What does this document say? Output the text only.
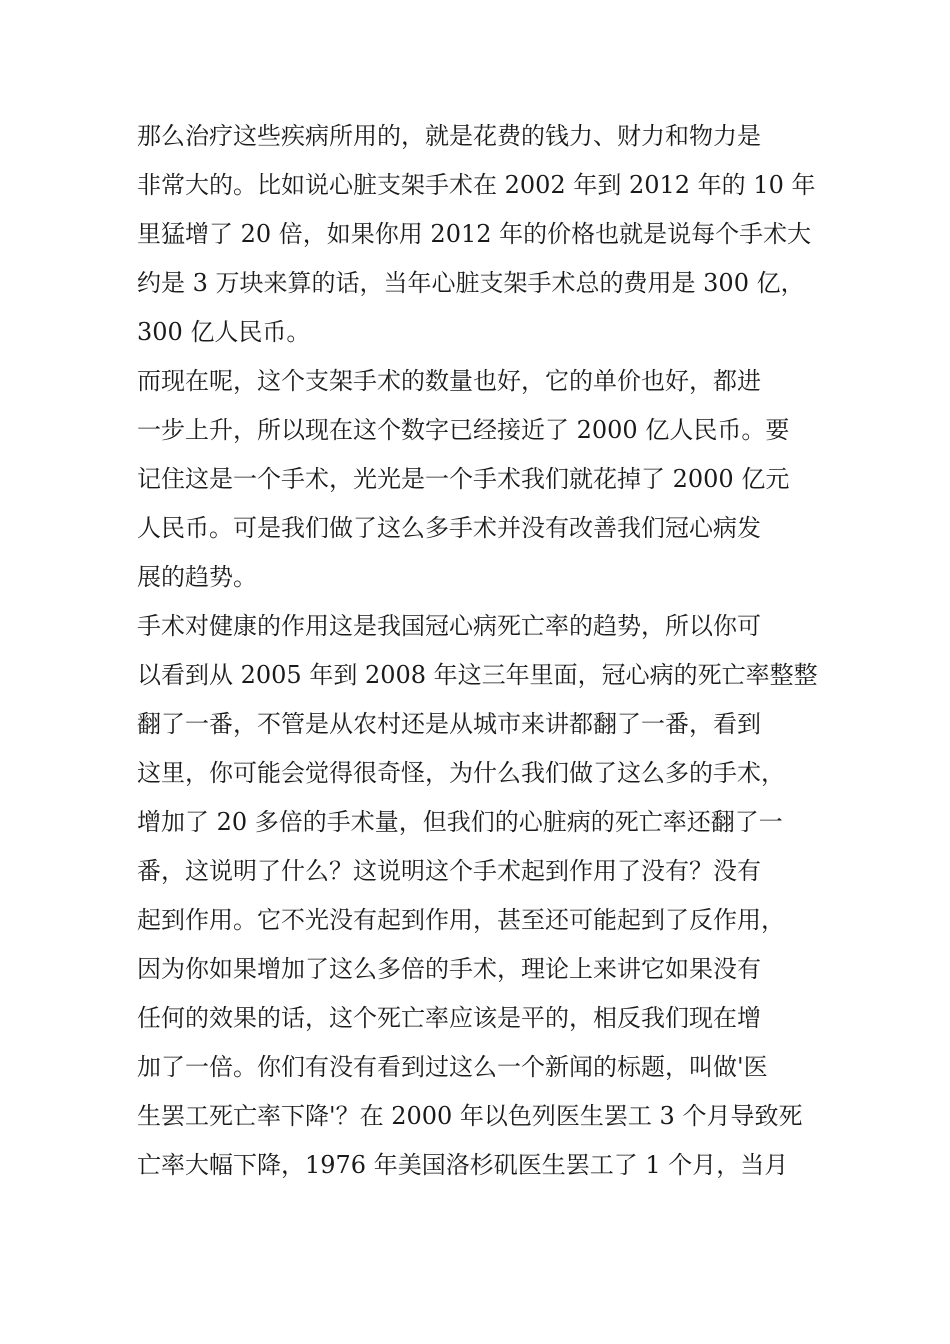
那么治疗这些疾病所用的，就是花费的钱力、财力和物力是
非常大的。比如说心脏支架手术在 2002 年到 2012 年的 10 年
里猛增了 20 倍，如果你用 2012 年的价格也就是说每个手术大
约是 3 万块来算的话，当年心脏支架手术总的费用是 300 亿，
300 亿人民币。
而现在呢，这个支架手术的数量也好，它的单价也好，都进
一步上升，所以现在这个数字已经接近了 2000 亿人民币。要
记住这是一个手术，光光是一个手术我们就花掉了 2000 亿元
人民币。可是我们做了这么多手术并没有改善我们冠心病发
展的趋势。
手术对健康的作用这是我国冠心病死亡率的趋势，所以你可
以看到从 2005 年到 2008 年这三年里面，冠心病的死亡率整整
翻了一番，不管是从农村还是从城市来讲都翻了一番，看到
这里，你可能会觉得很奇怪，为什么我们做了这么多的手术，
增加了 20 多倍的手术量，但我们的心脏病的死亡率还翻了一
番，这说明了什么？这说明这个手术起到作用了没有？没有
起到作用。它不光没有起到作用，甚至还可能起到了反作用，
因为你如果增加了这么多倍的手术，理论上来讲它如果没有
任何的效果的话，这个死亡率应该是平的，相反我们现在增
加了一倍。你们有没有看到过这么一个新闻的标题，叫做'医
生罢工死亡率下降'？在 2000 年以色列医生罢工 3 个月导致死
亡率大幅下降，1976 年美国洛杉矶医生罢工了 1 个月，当月
